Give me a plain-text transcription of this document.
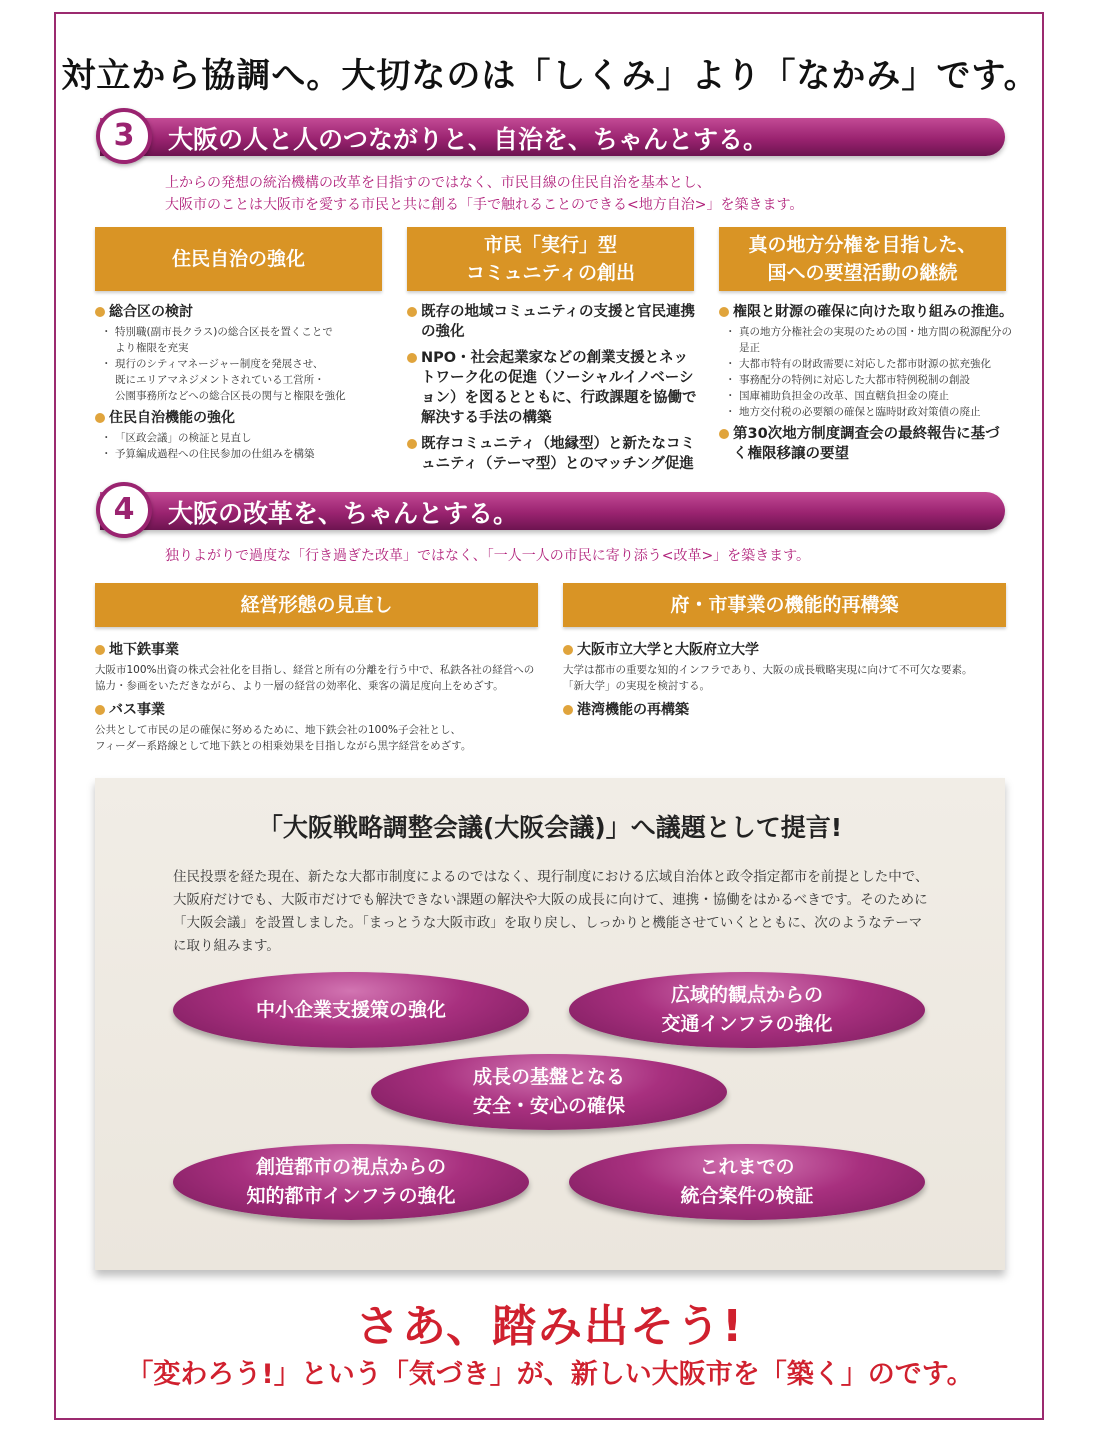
対立から協調へ。大切なのは「しくみ」より「なかみ」です。
3	大阪の人と人のつながりと、自治を、ちゃんとする。
上からの発想の統治機構の改革を目指すのではなく、市民目線の住民自治を基本とし、
大阪市のことは大阪市を愛する市民と共に創る「手で触れることのできる<地方自治>」を築きます。
住民自治の強化
市民「実行」型
コミュニティの創出
真の地方分権を目指した、
国への要望活動の継続
総合区の検討
・ 特別職(副市長クラス)の総合区長を置くことで
より権限を充実
・ 現行のシティマネージャー制度を発展させ、
既にエリアマネジメントされている工営所・
公園事務所などへの総合区長の関与と権限を強化
住民自治機能の強化
・ 「区政会議」の検証と見直し
・ 予算編成過程への住民参加の仕組みを構築
既存の地域コミュニティの支援と官民連携の強化
NPO・社会起業家などの創業支援とネットワーク化の促進（ソーシャルイノベーション）を図るとともに、行政課題を協働で解決する手法の構築
既存コミュニティ（地縁型）と新たなコミュニティ（テーマ型）とのマッチング促進
権限と財源の確保に向けた取り組みの推進。
・ 真の地方分権社会の実現のための国・地方間の税源配分の
是正
・ 大都市特有の財政需要に対応した都市財源の拡充強化
・ 事務配分の特例に対応した大都市特例税制の創設
・ 国庫補助負担金の改革、国直轄負担金の廃止
・ 地方交付税の必要額の確保と臨時財政対策債の廃止
第30次地方制度調査会の最終報告に基づく権限移譲の要望
4	大阪の改革を、ちゃんとする。
独りよがりで過度な「行き過ぎた改革」ではなく、「一人一人の市民に寄り添う<改革>」を築きます。
経営形態の見直し	府・市事業の機能的再構築
地下鉄事業
大阪市100%出資の株式会社化を目指し、経営と所有の分離を行う中で、私鉄各社の経営への
協力・参画をいただきながら、より一層の経営の効率化、乗客の満足度向上をめざす。
バス事業
公共として市民の足の確保に努めるために、地下鉄会社の100%子会社とし、
フィーダー系路線として地下鉄との相乗効果を目指しながら黒字経営をめざす。
大阪市立大学と大阪府立大学
大学は都市の重要な知的インフラであり、大阪の成長戦略実現に向けて不可欠な要素。
「新大学」の実現を検討する。
港湾機能の再構築
「大阪戦略調整会議(大阪会議)」へ議題として提言!
住民投票を経た現在、新たな大都市制度によるのではなく、現行制度における広域自治体と政令指定都市を前提とした中で、大阪府だけでも、大阪市だけでも解決できない課題の解決や大阪の成長に向けて、連携・協働をはかるべきです。そのために「大阪会議」を設置しました。「まっとうな大阪市政」を取り戻し、しっかりと機能させていくとともに、次のようなテーマに取り組みます。
中小企業支援策の強化
広域的観点からの
交通インフラの強化
成長の基盤となる
安全・安心の確保
創造都市の視点からの
知的都市インフラの強化
これまでの
統合案件の検証
さあ、踏み出そう!
「変わろう!」という「気づき」が、新しい大阪市を「築く」のです。
